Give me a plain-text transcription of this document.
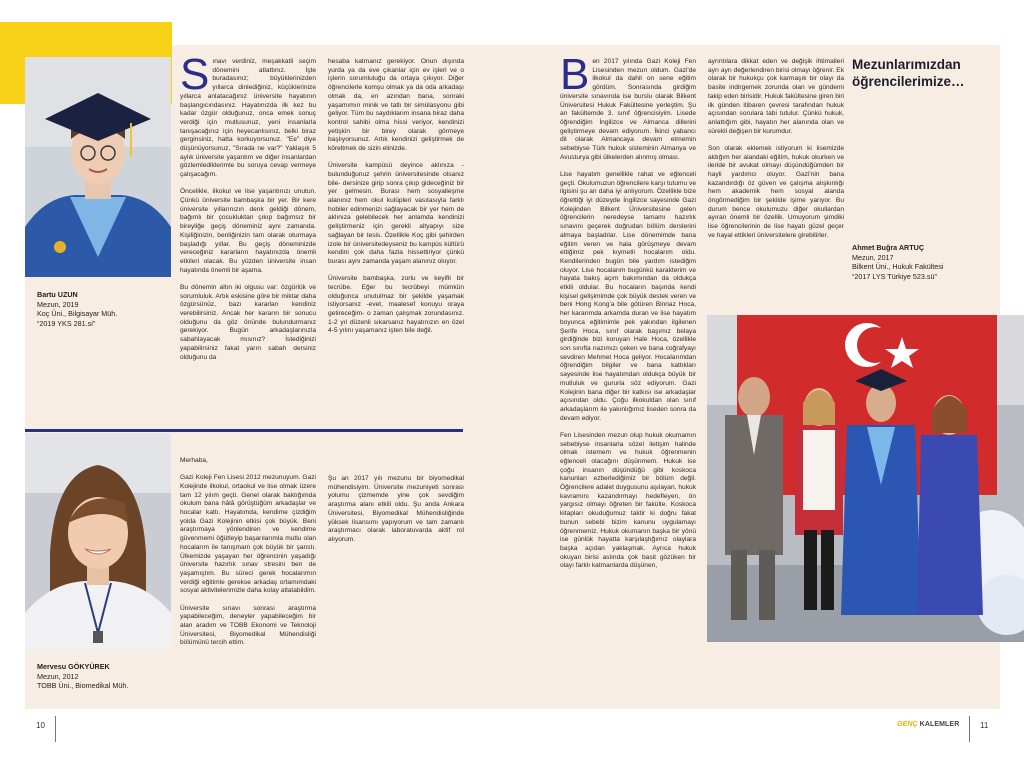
Bartu UZUN
Mezun, 2019
Koç Üni., Bilgisayar Müh.
“2019 YKS 281.si”

Sınavı verdiniz, meşakkatli seçim dönemini atlattınız. İşte buradasınız; büyüklerinizden yıllarca dinlediğiniz, küçüklerinize yıllarca anlatacağınız üniversite hayatının başlangıcındasınız. Hayatınızda ilk kez bu kadar özgür olduğunuz, onca emek sonuç verdiği için mutlusunuz, yeni insanlarla tanışacağınız için heyecanlısınız, belki biraz gerginsiniz, hatta korkuyorsunuz. "Ee" diye düşünüyorsunuz, "Sırada ne var?" Yaklaşık 5 aylık üniversite yaşantım ve diğer insanlardan gözlemlediklerimle bu soruya cevap vermeye çalışacağım.

Öncelikle, ilkokul ve lise yaşantınızı unutun. Çünkü üniversite bambaşka bir yer. Bir kere üniversite yıllarınızın denk geldiği dönem, bağımlı bir çocukluktan çıkıp bağımsız bir bireyliğe geçiş döneminiz aynı zamanda. Kişiliğinizin, benliğinizin tam olarak oturmaya başladığı yıllar. Bu geçiş döneminizde vereceğiniz kararların hayatınızda önemli etkileri olacak. Bu yüzden üniversite insan hayatında önemli bir aşama.

Bu dönemin altın iki olgusu var: özgürlük ve sorumluluk. Artık eskisine göre bir miktar daha özgürsünüz, bazı kararları kendiniz verebilirsiniz. Ancak her kararın bir sonucu olduğunu da göz önünde bulundurmanız gerekiyor. Bugün arkadaşlarınızla sabahlayacak mısınız? İstediğinizi yapabilirsiniz fakat yarın sabah dersiniz olduğunu da

hesaba katmanız gerekiyor. Onun dışında yurda ya da eve çıkanlar için ev işleri ve o işlerin sorumluluğu da ortaya çıkıyor. Diğer öğrencilerle komşu olmak ya da oda arkadaşı olmak da, en azından bana, sonraki yaşamımın minik ve tatlı bir simülasyonu gibi geliyor. Tüm bu saydıklarım insana biraz daha kontrol sahibi olma hissi veriyor, kendinizi yetişkin bir birey olarak görmeye başlıyorsunuz. Artık kendinizi geliştirmek de köreltmek de sizin elinizde.

Üniversite kampüsü deyince aklınıza -bulunduğunuz şehrin üniversitesinde olsanız bile- dersinize girip sonra çıkıp gideceğiniz bir yer gelmesin. Burası hem sosyalleşme alanınız hem okul kulüpleri vasıtasıyla farklı hobiler edinmenizi sağlayacak bir yer hem de aklınıza gelebilecek her anlamda kendinizi geliştirmeniz için gerekli altyapıyı size sağlayan bir tesis. Özellikle Koç gibi şehirden izole bir üniversitedeyseniz bu kampüs kültürü kendini çok daha fazla hissettiriyor çünkü burası aynı zamanda yaşam alanınız oluyor.

Üniversite bambaşka, zorlu ve keyifli bir tecrübe. Eğer bu tecrübeyi mümkün olduğunca unutulmaz bir şekilde yaşamak istiyorsanız -evet, maalesef konuyu oraya getireceğim- o zaman çalışmak zorundasınız. 1-2 yıl düzenli sıkarsanız hayatınızın en özel 4-5 yılını yaşamanız işten bile değil.

Mervesu GÖKYÜREK
Mezun, 2012
TOBB Üni., Biomedikal Müh.

Merhaba,

Gazi Koleji Fen Lisesi 2012 mezunuyum. Gazi Kolejinde ilkokul, ortaokul ve lise olmak üzere tam 12 yılım geçti. Genel olarak baktığımda okulum bana hâlâ görüştüğüm arkadaşlar ve hocalar kattı. Hayatımda, kendime çizdiğim yolda Gazi Kolejinin etkisi çok büyük. Beni araştırmaya yönlendiren ve kendime güvenmemi öğütleyip başarılarımla mutlu olan hocalarım ile tanışmam çok büyük bir şanstı. Ülkemizde yaşayan her öğrencinin yaşadığı üniversite hazırlık sınav stresini ben de yaşamıştım. Bu süreci gerek hocalarımın verdiği eğitimle gerekse arkadaş ortamımdaki sosyal aktivitelerimizle daha kolay atlatabildim.

Üniversite sınavı sonrası araştırma yapabileceğim, deneyler yapabileceğim bir alan aradım ve TOBB Ekonomi ve Teknoloji Üniversitesi, Biyomedikal Mühendisliği bölümünü tercih ettim.

Şu an 2017 yılı mezunu bir biyomedikal mühendisiyim. Üniversite mezuniyeti sonrası yolumu çizmemde yine çok sevdiğim araştırma alanı etkili oldu. Şu anda Ankara Üniversitesi, Biyomedikal Mühendisliğinde yüksek lisansımı yapıyorum ve tam zamanlı araştırmacı olarak laboratuvarda aktif rol alıyorum.

Ben 2017 yılında Gazi Koleji Fen Lisesinden mezun oldum. Gazi'de ilkokul da dahil on sene eğitim gördüm. Sonrasında girdiğim üniversite sınavında ise burslu olarak Bilkent Üniversitesi Hukuk Fakültesine yerleştim. Şu an fakültemde 3. sınıf öğrencisiyim. Lisede öğrendiğim İngilizce ve Almanca dillerini geliştirmeye devam ediyorum. İkinci yabancı dil olarak Almancaya devam etmemin sebebiyse Türk hukuk sisteminin Almanya ve Avusturya gibi ülkelerden alınmış olması.

Lise hayatım genellikle rahat ve eğlenceli geçti. Okulumuzun öğrencilere karşı tutumu ve ilgisini şu an daha iyi anlıyorum. Özellikle bize öğrettiği iyi düzeyde İngilizce sayesinde Gazi Kolejinden Bilkent Üniversitesine gelen öğrencilerin neredeyse tamamı hazırlık sınavını geçerek doğrudan bölüm derslerini almaya başladılar. Lise dönemimde bana eğitim veren ve hala görüşmeye devam ettiğimiz pek kıymetli hocalarım oldu. Kendilerinden bugün bile yardım istediğim oluyor. Lise hocalarım bugünkü karakterim ve hayata bakış açım bakımından da oldukça etkili oldular. Bu hocaların başında kendi kişisel gelişimimde çok büyük destek veren ve beni Hong Kong'a bile götüren Binnaz Hoca, her kararımda arkamda duran ve lise hayatım boyunca eğitimimle pek yakından ilgilenen Şerife Hoca, sınıf olarak başımız belaya girdiğinde bizi koruyan Hale Hoca, özellikle son sınıfta nazımızı çeken ve bana coğrafyayı sevdiren Mehmet Hoca geliyor. Hocalarımdan öğrendiğim bilgiler ve bana kattıkları sayesinde lise hayatımdan oldukça büyük bir mutluluk ve gururla söz ediyorum. Gazi Kolejinin bana diğer bir katkısı ise arkadaşlar açısından oldu. Çoğu ilkokuldan olan sınıf arkadaşlarım ile yakınlığımız liseden sonra da devam ediyor.

Fen Lisesinden mezun olup hukuk okumamın sebebiyse insanlarla sözel iletişim halinde olmak istemem ve hukuk öğrenmenin eğlenceli olacağını düşünmem. Hukuk ise çoğu insanın düşündüğü gibi koskoca kanunları ezberlediğimiz bir bölüm değil. Öğrencilere adalet duygusunu aşılayan, hukuk kavramını kazandırmayı hedefleyen, ön yargısız olmayı öğreten bir fakülte. Koskoca kitapları okuduğumuz taktir ki doğru fakat bunun sebebi bizim kanunu uygulamayı öğrenmemiz. Hukuk okumanın başka bir yönü ise günlük hayatta karşılaştığımız olaylara başka açıdan yaklaşmak. Ayrıca hukuk okuyan birisi aslında çok basit gözüken bir olayı farklı katmanlarda düşünen,

ayrıntılara dikkat eden ve değişik ihtimalleri ayrı ayrı değerlendiren birisi olmayı öğrenir. Ek olarak bir hukukçu çok karmaşık bir olayı da basite indirgemek zorunda olan ve gündemi takip eden birisidir. Hukuk fakültesine giren biri ilk günden itibaren çevresi tarafından hukuk açısından sorulara tabi tutulur. Çünkü hukuk, anlattığım gibi, hayatın her alanında olan ve sürekli değişen bir kurumdur.

Son olarak eklemek istiyorum ki lisemizde aldığım her alandaki eğitim, hukuk okurken ve ileride bir avukat olmayı düşündüğümden bir hayli yardımcı oluyor. Gazi'nin bana kazandırdığı öz güven ve çalışma alışkınlığı hem akademik hem sosyal alanda öngörmediğim bir şekilde işime yarıyor. Bu durum bence okulumuzu diğer okullardan ayıran önemli bir özellik. Umuyorum şimdiki lise öğrencilerinin de lise hayatı güzel geçer ve hayal ettikleri üniversitelere girebilirler.

Mezunlarımızdan öğrencilerimize…
Ahmet Buğra ARTUÇ
Mezun, 2017
Bilkent Üni., Hukuk Fakültesi
“2017 LYS Türkiye 523.sü”
10	GENÇ KALEMLER	11
